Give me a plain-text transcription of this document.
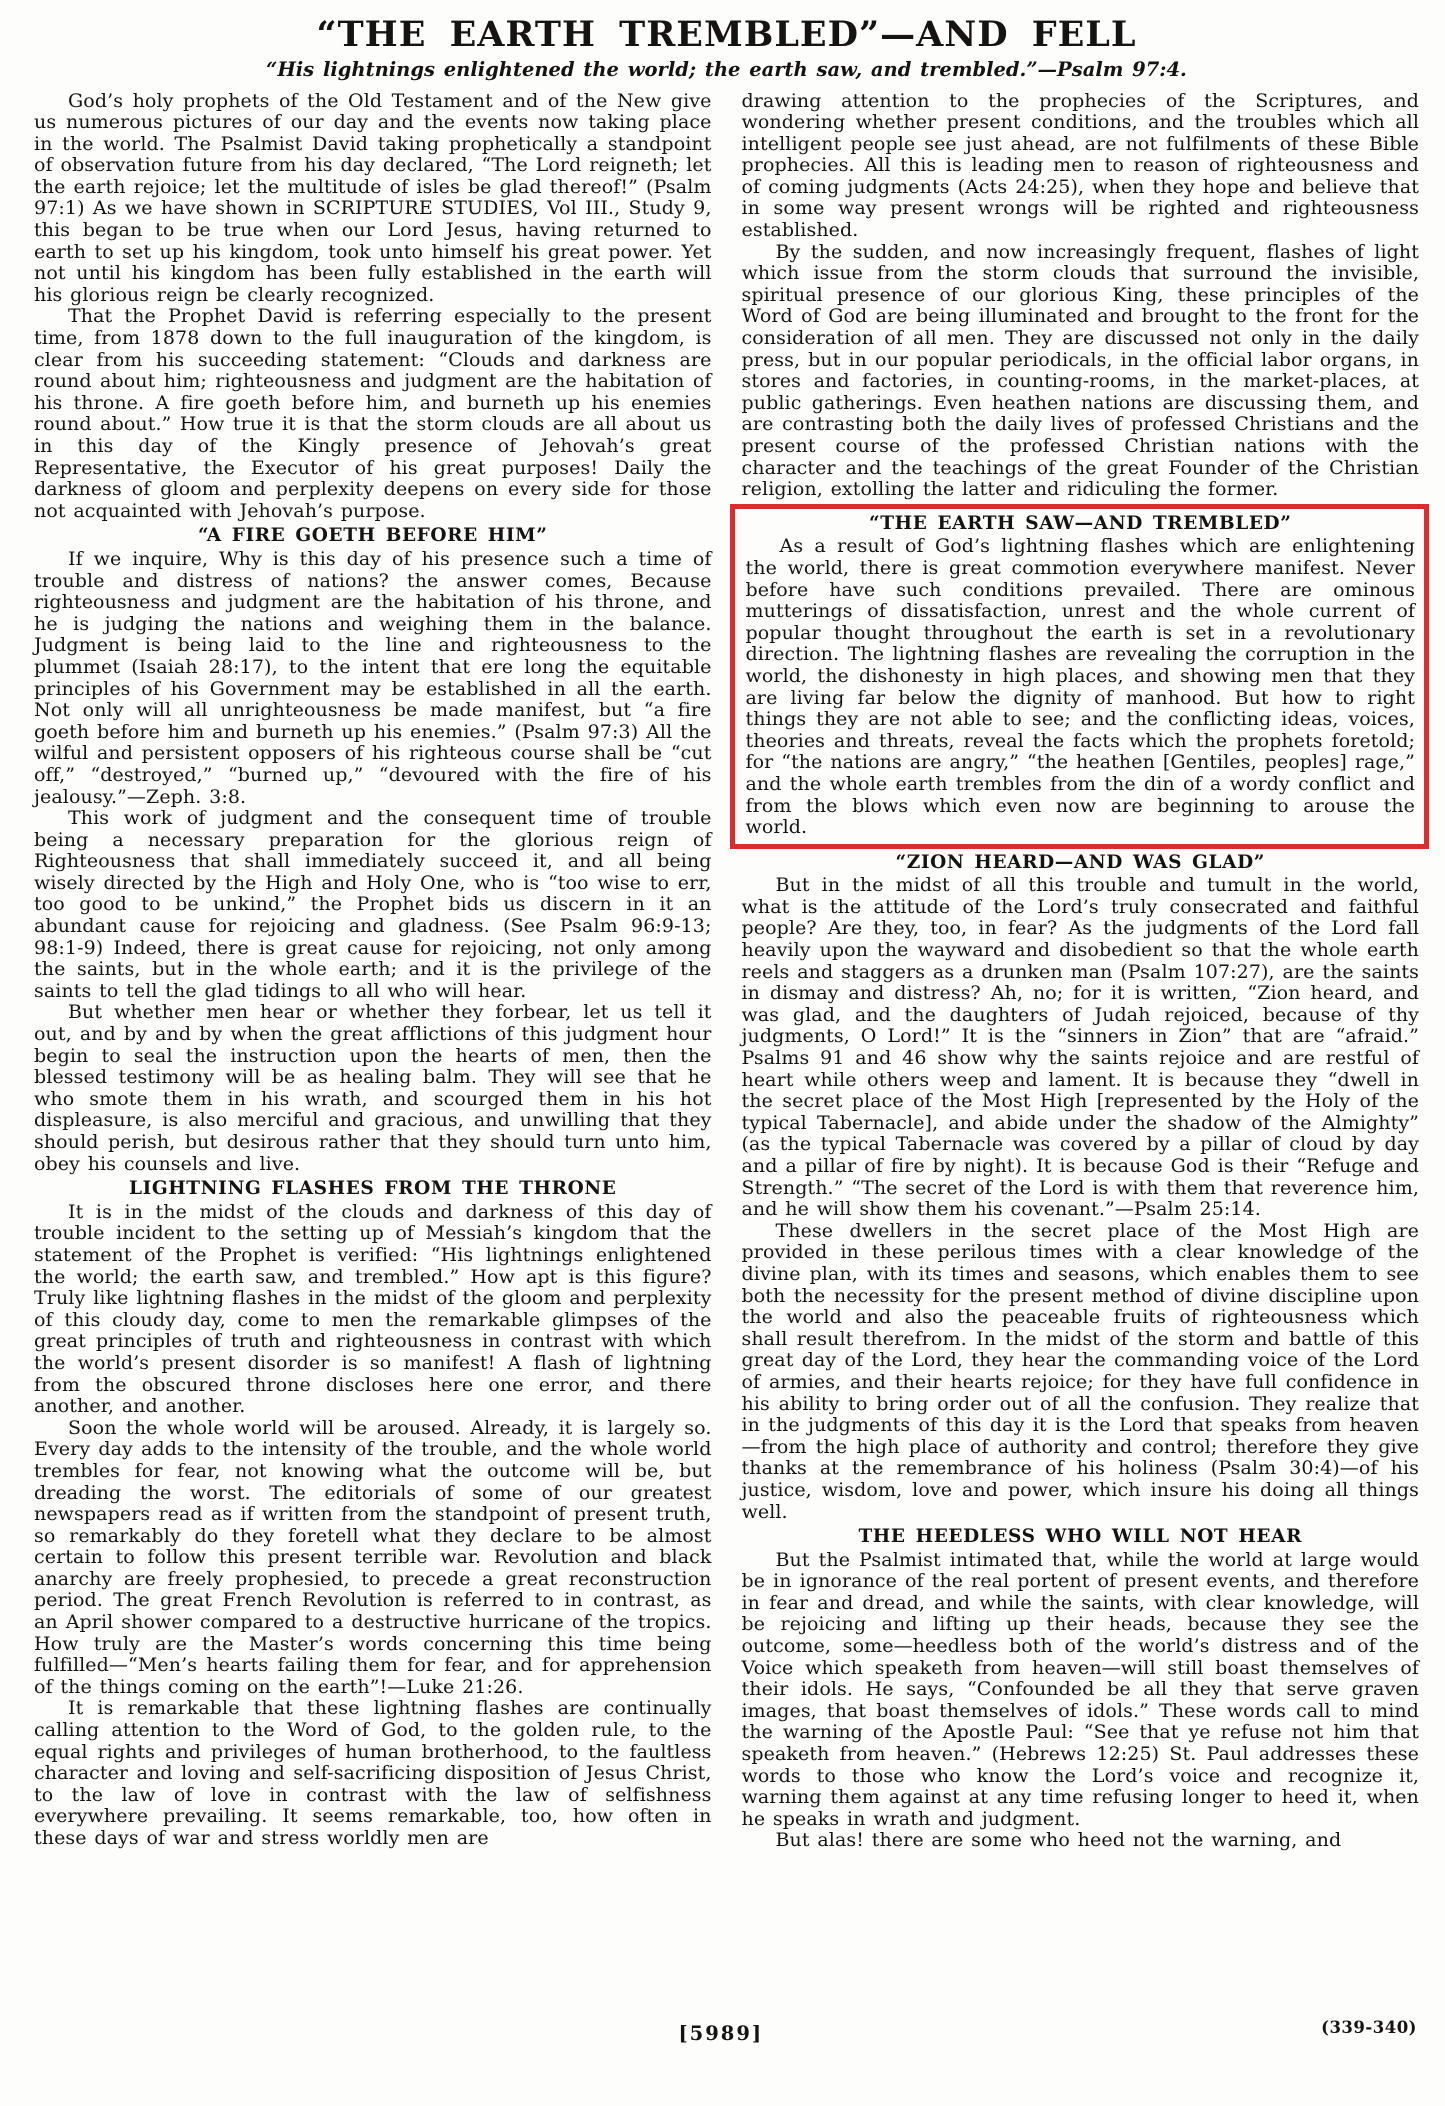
“THE EARTH TREMBLED”—AND FELL

“His lightnings enlightened the world; the earth saw, and trembled.”—Psalm 97:4.

God’s holy prophets of the Old Testament and of the New give us numerous pictures of our day and the events now taking place in the world. The Psalmist David taking prophetically a standpoint of observation future from his day declared, “The Lord reigneth; let the earth rejoice; let the multitude of isles be glad thereof!” (Psalm 97:1) As we have shown in SCRIPTURE STUDIES, Vol III., Study 9, this began to be true when our Lord Jesus, having returned to earth to set up his kingdom, took unto himself his great power. Yet not until his kingdom has been fully established in the earth will his glorious reign be clearly recognized.

That the Prophet David is referring especially to the present time, from 1878 down to the full inauguration of the kingdom, is clear from his succeeding statement: “Clouds and darkness are round about him; righteousness and judgment are the habitation of his throne. A fire goeth before him, and burneth up his enemies round about.” How true it is that the storm clouds are all about us in this day of the Kingly presence of Jehovah’s great Representative, the Executor of his great purposes! Daily the darkness of gloom and perplexity deepens on every side for those not acquainted with Jehovah’s purpose.

“A FIRE GOETH BEFORE HIM”

If we inquire, Why is this day of his presence such a time of trouble and distress of nations? the answer comes, Because righteousness and judgment are the habitation of his throne, and he is judging the nations and weighing them in the balance. Judgment is being laid to the line and righteousness to the plummet (Isaiah 28:17), to the intent that ere long the equitable principles of his Government may be established in all the earth. Not only will all unrighteousness be made manifest, but “a fire goeth before him and burneth up his enemies.” (Psalm 97:3) All the wilful and persistent opposers of his righteous course shall be “cut off,” “destroyed,” “burned up,” “devoured with the fire of his jealousy.”—Zeph. 3:8.

This work of judgment and the consequent time of trouble being a necessary preparation for the glorious reign of Righteousness that shall immediately succeed it, and all being wisely directed by the High and Holy One, who is “too wise to err, too good to be unkind,” the Prophet bids us discern in it an abundant cause for rejoicing and gladness. (See Psalm 96:9-13; 98:1-9) Indeed, there is great cause for rejoicing, not only among the saints, but in the whole earth; and it is the privilege of the saints to tell the glad tidings to all who will hear.

But whether men hear or whether they forbear, let us tell it out, and by and by when the great afflictions of this judgment hour begin to seal the instruction upon the hearts of men, then the blessed testimony will be as healing balm. They will see that he who smote them in his wrath, and scourged them in his hot displeasure, is also merciful and gracious, and unwilling that they should perish, but desirous rather that they should turn unto him, obey his counsels and live.

LIGHTNING FLASHES FROM THE THRONE

It is in the midst of the clouds and darkness of this day of trouble incident to the setting up of Messiah’s kingdom that the statement of the Prophet is verified: “His lightnings enlightened the world; the earth saw, and trembled.” How apt is this figure? Truly like lightning flashes in the midst of the gloom and perplexity of this cloudy day, come to men the remarkable glimpses of the great principles of truth and righteousness in contrast with which the world’s present disorder is so manifest! A flash of lightning from the obscured throne discloses here one error, and there another, and another.

Soon the whole world will be aroused. Already, it is largely so. Every day adds to the intensity of the trouble, and the whole world trembles for fear, not knowing what the outcome will be, but dreading the worst. The editorials of some of our greatest newspapers read as if written from the standpoint of present truth, so remarkably do they foretell what they declare to be almost certain to follow this present terrible war. Revolution and black anarchy are freely prophesied, to precede a great reconstruction period. The great French Revolution is referred to in contrast, as an April shower compared to a destructive hurricane of the tropics. How truly are the Master’s words concerning this time being fulfilled—“Men’s hearts failing them for fear, and for apprehension of the things coming on the earth”!—Luke 21:26.

It is remarkable that these lightning flashes are continually calling attention to the Word of God, to the golden rule, to the equal rights and privileges of human brotherhood, to the faultless character and loving and self-sacrificing disposition of Jesus Christ, to the law of love in contrast with the law of selfishness everywhere prevailing. It seems remarkable, too, how often in these days of war and stress worldly men are

drawing attention to the prophecies of the Scriptures, and wondering whether present conditions, and the troubles which all intelligent people see just ahead, are not fulfilments of these Bible prophecies. All this is leading men to reason of righteousness and of coming judgments (Acts 24:25), when they hope and believe that in some way present wrongs will be righted and righteousness established.

By the sudden, and now increasingly frequent, flashes of light which issue from the storm clouds that surround the invisible, spiritual presence of our glorious King, these principles of the Word of God are being illuminated and brought to the front for the consideration of all men. They are discussed not only in the daily press, but in our popular periodicals, in the official labor organs, in stores and factories, in counting-rooms, in the market-places, at public gatherings. Even heathen nations are discussing them, and are contrasting both the daily lives of professed Christians and the present course of the professed Christian nations with the character and the teachings of the great Founder of the Christian religion, extolling the latter and ridiculing the former.

“THE EARTH SAW—AND TREMBLED”

As a result of God’s lightning flashes which are enlightening the world, there is great commotion everywhere manifest. Never before have such conditions prevailed. There are ominous mutterings of dissatisfaction, unrest and the whole current of popular thought throughout the earth is set in a revolutionary direction. The lightning flashes are revealing the corruption in the world, the dishonesty in high places, and showing men that they are living far below the dignity of manhood. But how to right things they are not able to see; and the conflicting ideas, voices, theories and threats, reveal the facts which the prophets foretold; for “the nations are angry,” “the heathen [Gentiles, peoples] rage,” and the whole earth trembles from the din of a wordy conflict and from the blows which even now are beginning to arouse the world.

“ZION HEARD—AND WAS GLAD”

But in the midst of all this trouble and tumult in the world, what is the attitude of the Lord’s truly consecrated and faithful people? Are they, too, in fear? As the judgments of the Lord fall heavily upon the wayward and disobedient so that the whole earth reels and staggers as a drunken man (Psalm 107:27), are the saints in dismay and distress? Ah, no; for it is written, “Zion heard, and was glad, and the daughters of Judah rejoiced, because of thy judgments, O Lord!” It is the “sinners in Zion” that are “afraid.” Psalms 91 and 46 show why the saints rejoice and are restful of heart while others weep and lament. It is because they “dwell in the secret place of the Most High [represented by the Holy of the typical Tabernacle], and abide under the shadow of the Almighty” (as the typical Tabernacle was covered by a pillar of cloud by day and a pillar of fire by night). It is because God is their “Refuge and Strength.” “The secret of the Lord is with them that reverence him, and he will show them his covenant.”—Psalm 25:14.

These dwellers in the secret place of the Most High are provided in these perilous times with a clear knowledge of the divine plan, with its times and seasons, which enables them to see both the necessity for the present method of divine discipline upon the world and also the peaceable fruits of righteousness which shall result therefrom. In the midst of the storm and battle of this great day of the Lord, they hear the commanding voice of the Lord of armies, and their hearts rejoice; for they have full confidence in his ability to bring order out of all the confusion. They realize that in the judgments of this day it is the Lord that speaks from heaven—from the high place of authority and control; therefore they give thanks at the remembrance of his holiness (Psalm 30:4)—of his justice, wisdom, love and power, which insure his doing all things well.

THE HEEDLESS WHO WILL NOT HEAR

But the Psalmist intimated that, while the world at large would be in ignorance of the real portent of present events, and therefore in fear and dread, and while the saints, with clear knowledge, will be rejoicing and lifting up their heads, because they see the outcome, some—heedless both of the world’s distress and of the Voice which speaketh from heaven—will still boast themselves of their idols. He says, “Confounded be all they that serve graven images, that boast themselves of idols.” These words call to mind the warning of the Apostle Paul: “See that ye refuse not him that speaketh from heaven.” (Hebrews 12:25) St. Paul addresses these words to those who know the Lord’s voice and recognize it, warning them against at any time refusing longer to heed it, when he speaks in wrath and judgment.

But alas! there are some who heed not the warning, and

[5989]	(339-340)
